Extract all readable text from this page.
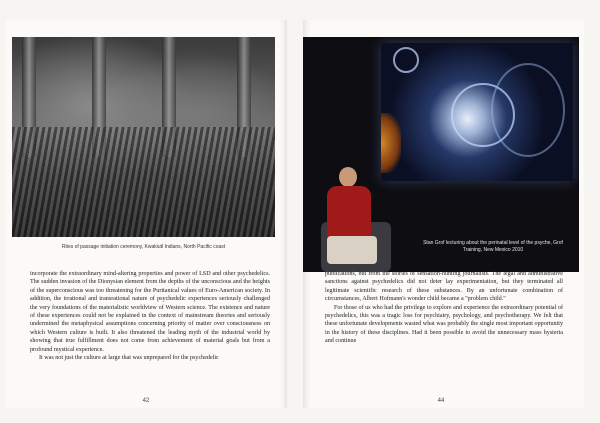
Rites of passage initiation ceremony, Kwakiutl Indians, North Pacific coast

incorporate the extraordinary mind-altering properties and power of LSD and other psychedelics. The sudden invasion of the Dionysian element from the depths of the unconscious and the heights of the superconscious was too threatening for the Puritanical values of Euro-American society. In addition, the irrational and transrational nature of psychedelic experiences seriously challenged the very foundations of the materialistic worldview of Western science. The existence and nature of these experiences could not be explained in the context of mainstream theories and seriously undermined the metaphysical assumptions concerning priority of matter over consciousness on which Western culture is built. It also threatened the leading myth of the industrial world by showing that true fulfillment does not come from achievement of material goals but from a profound mystical experience.

It was not just the culture at large that was unprepared for the psychedelic

42
Stan Grof lecturing about the perinatal level of the psyche, Grof Training, New Mexico 2010

publications, but from the stories of sensation-hunting journalists. The legal and administrative sanctions against psychedelics did not deter lay experimentation, but they terminated all legitimate scientific research of these substances. By an unfortunate combination of circumstances, Albert Hofmann's wonder child became a "problem child."

For those of us who had the privilege to explore and experience the extraordinary potential of psychedelics, this was a tragic loss for psychiatry, psychology, and psychotherapy. We felt that these unfortunate developments wasted what was probably the single most important opportunity in the history of these disciplines. Had it been possible to avoid the unnecessary mass hysteria and continue

44
